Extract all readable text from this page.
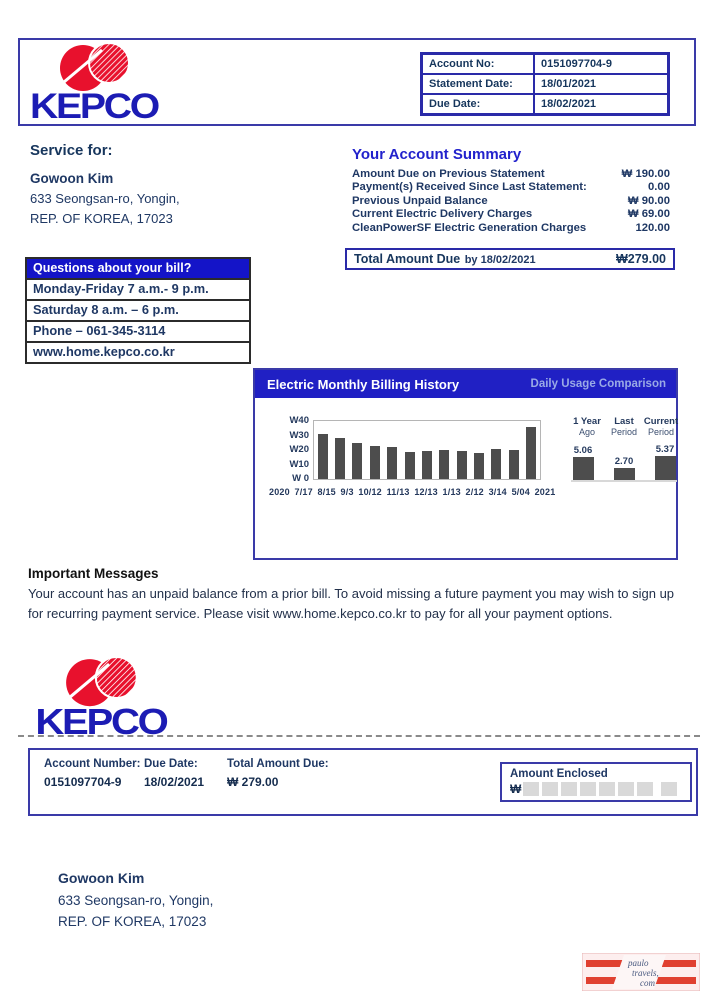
KEPCO
Account No:	0151097704-9
Statement Date:	18/01/2021
Due Date:	18/02/2021
Service for:
Gowoon Kim
633 Seongsan-ro, Yongin,
REP. OF KOREA, 17023
Your Account Summary
Amount Due on Previous Statement	₩ 190.00
Payment(s) Received Since Last Statement:	0.00
Previous Unpaid Balance	₩ 90.00
Current Electric Delivery Charges	₩ 69.00
CleanPowerSF Electric Generation Charges	120.00
Total Amount Due by 18/02/2021	₩279.00
Questions about your bill?
Monday-Friday 7 a.m.- 9 p.m.
Saturday 8 a.m. – 6 p.m.
Phone – 061-345-3114
www.home.kepco.co.kr
Electric Monthly Billing History	Daily Usage Comparison
W40
W30
W20
W10
W 0
2020 7/17 8/15 9/3 10/12 11/13 12/13 1/13 2/12 3/14 5/04 2021
1 Year
Ago
Last
Period
Current
Period
5.06
2.70
5.37
Important Messages
Your account has an unpaid balance from a prior bill. To avoid missing a future payment you may wish to sign up for recurring payment service. Please visit www.home.kepco.co.kr to pay for all your payment options.
KEPCO
Account Number:
0151097704-9
Due Date:
18/02/2021
Total Amount Due:
₩ 279.00
Amount Enclosed
₩
Gowoon Kim
633 Seongsan-ro, Yongin,
REP. OF KOREA, 17023
paulo
travels,
com
